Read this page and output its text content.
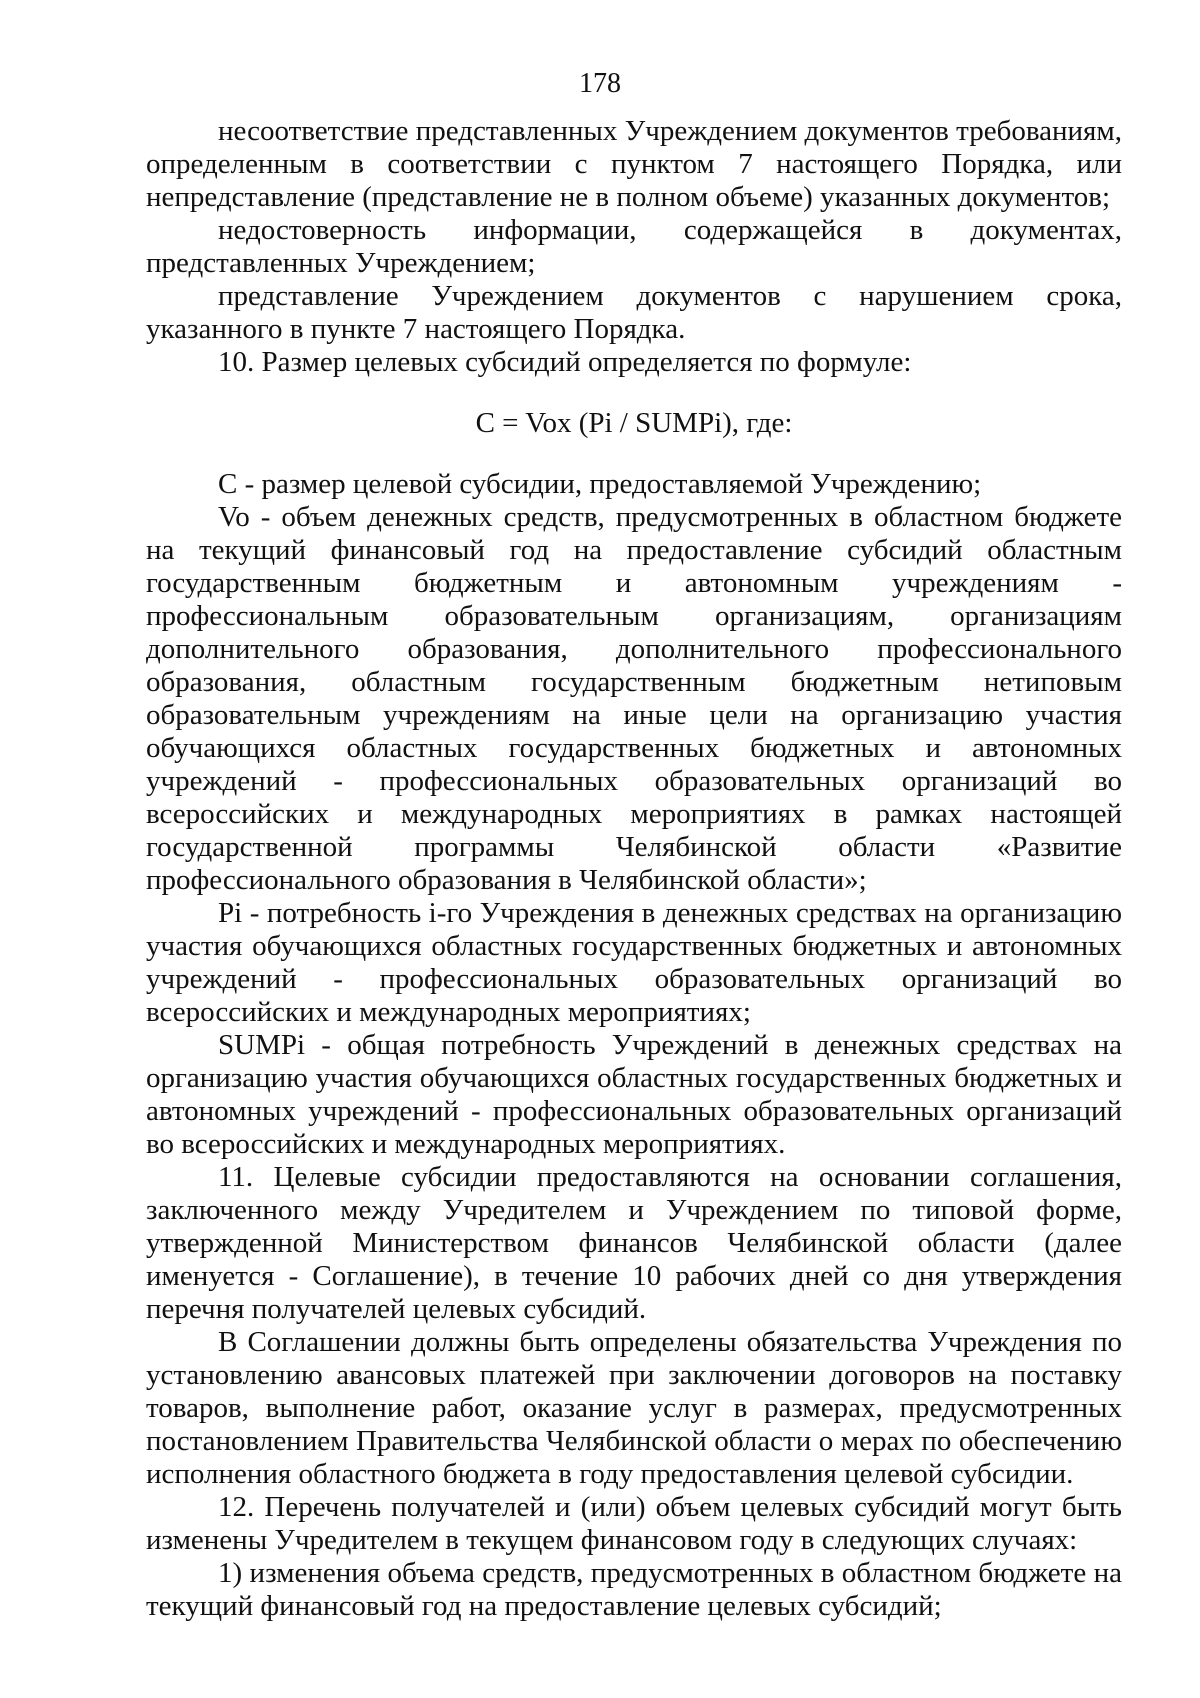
178

несоответствие представленных Учреждением документов требованиям, определенным в соответствии с пунктом 7 настоящего Порядка, или непредставление (представление не в полном объеме) указанных документов;

недостоверность информации, содержащейся в документах, представленных Учреждением;

представление Учреждением документов с нарушением срока, указанного в пункте 7 настоящего Порядка.

10. Размер целевых субсидий определяется по формуле:

C = Vox (Pi / SUMPi), где:

C - размер целевой субсидии, предоставляемой Учреждению;

Vo - объем денежных средств, предусмотренных в областном бюджете на текущий финансовый год на предоставление субсидий областным государственным бюджетным и автономным учреждениям - профессиональным образовательным организациям, организациям дополнительного образования, дополнительного профессионального образования, областным государственным бюджетным нетиповым образовательным учреждениям на иные цели на организацию участия обучающихся областных государственных бюджетных и автономных учреждений - профессиональных образовательных организаций во всероссийских и международных мероприятиях в рамках настоящей государственной программы Челябинской области «Развитие профессионального образования в Челябинской области»;

Pi - потребность i-го Учреждения в денежных средствах на организацию участия обучающихся областных государственных бюджетных и автономных учреждений - профессиональных образовательных организаций во всероссийских и международных мероприятиях;

SUMPi - общая потребность Учреждений в денежных средствах на организацию участия обучающихся областных государственных бюджетных и автономных учреждений - профессиональных образовательных организаций во всероссийских и международных мероприятиях.

11. Целевые субсидии предоставляются на основании соглашения, заключенного между Учредителем и Учреждением по типовой форме, утвержденной Министерством финансов Челябинской области (далее именуется - Соглашение), в течение 10 рабочих дней со дня утверждения перечня получателей целевых субсидий.

В Соглашении должны быть определены обязательства Учреждения по установлению авансовых платежей при заключении договоров на поставку товаров, выполнение работ, оказание услуг в размерах, предусмотренных постановлением Правительства Челябинской области о мерах по обеспечению исполнения областного бюджета в году предоставления целевой субсидии.

12. Перечень получателей и (или) объем целевых субсидий могут быть изменены Учредителем в текущем финансовом году в следующих случаях:

1) изменения объема средств, предусмотренных в областном бюджете на текущий финансовый год на предоставление целевых субсидий;
